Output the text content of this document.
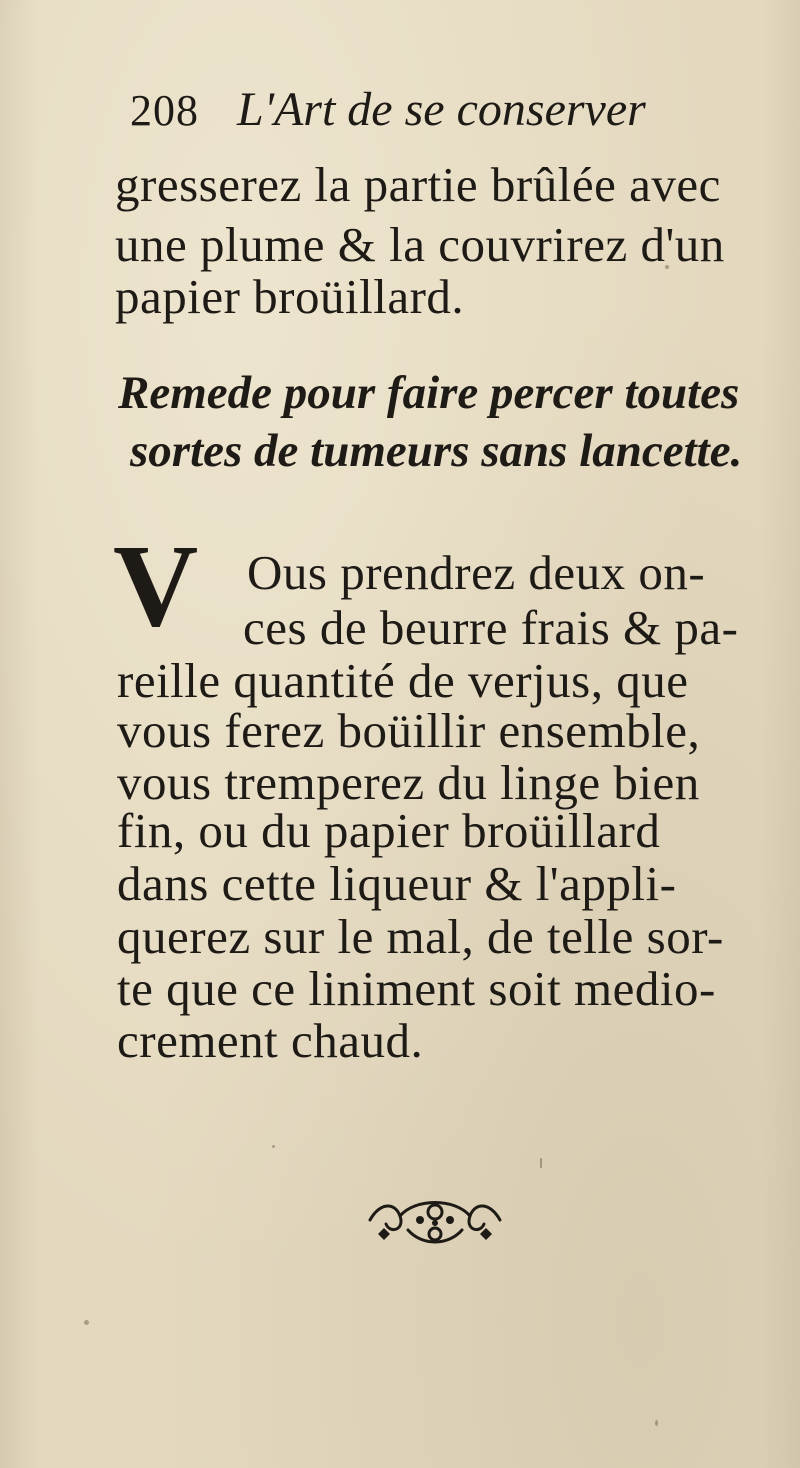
208 L'Art de se conserver
gresserez la partie brûlée avec
une plume & la couvrirez d'un
papier broüillard.
Remede pour faire percer toutes
sortes de tumeurs sans lancette.
V Ous prendrez deux on-
ces de beurre frais & pa-
reille quantité de verjus, que
vous ferez boüillir ensemble,
vous tremperez du linge bien
fin, ou du papier broüillard
dans cette liqueur & l'appli-
querez sur le mal, de telle sor-
te que ce liniment soit medio-
crement chaud.
